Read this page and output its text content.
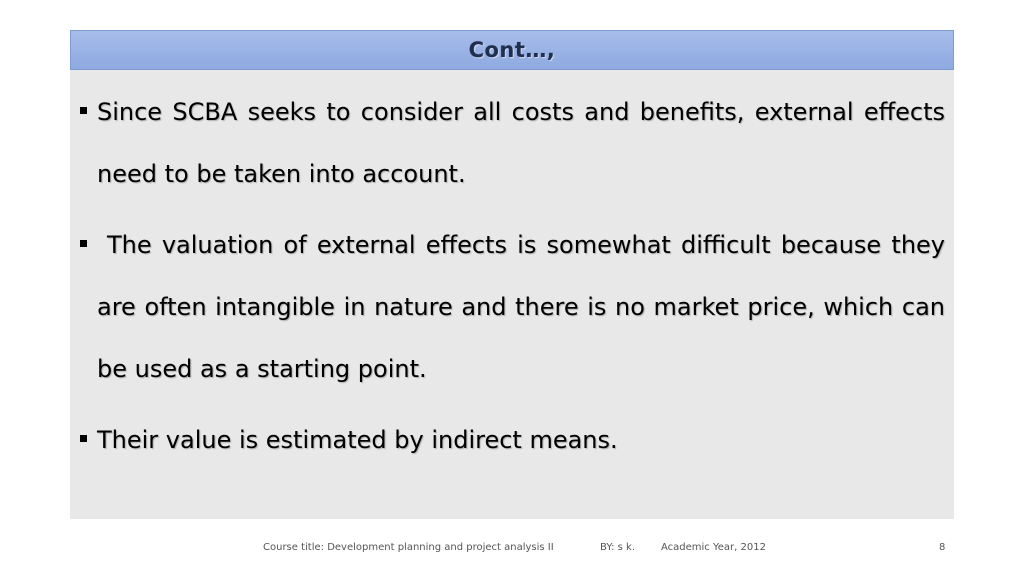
Cont…,
Since SCBA seeks to consider all costs and benefits, external effects need to be taken into account.
The valuation of external effects is somewhat difficult because they are often intangible in nature and there is no market price, which can be used as a starting point.
Their value is estimated by indirect means.
Course title: Development planning and project analysis II	BY: s k.	Academic Year, 2012	8
